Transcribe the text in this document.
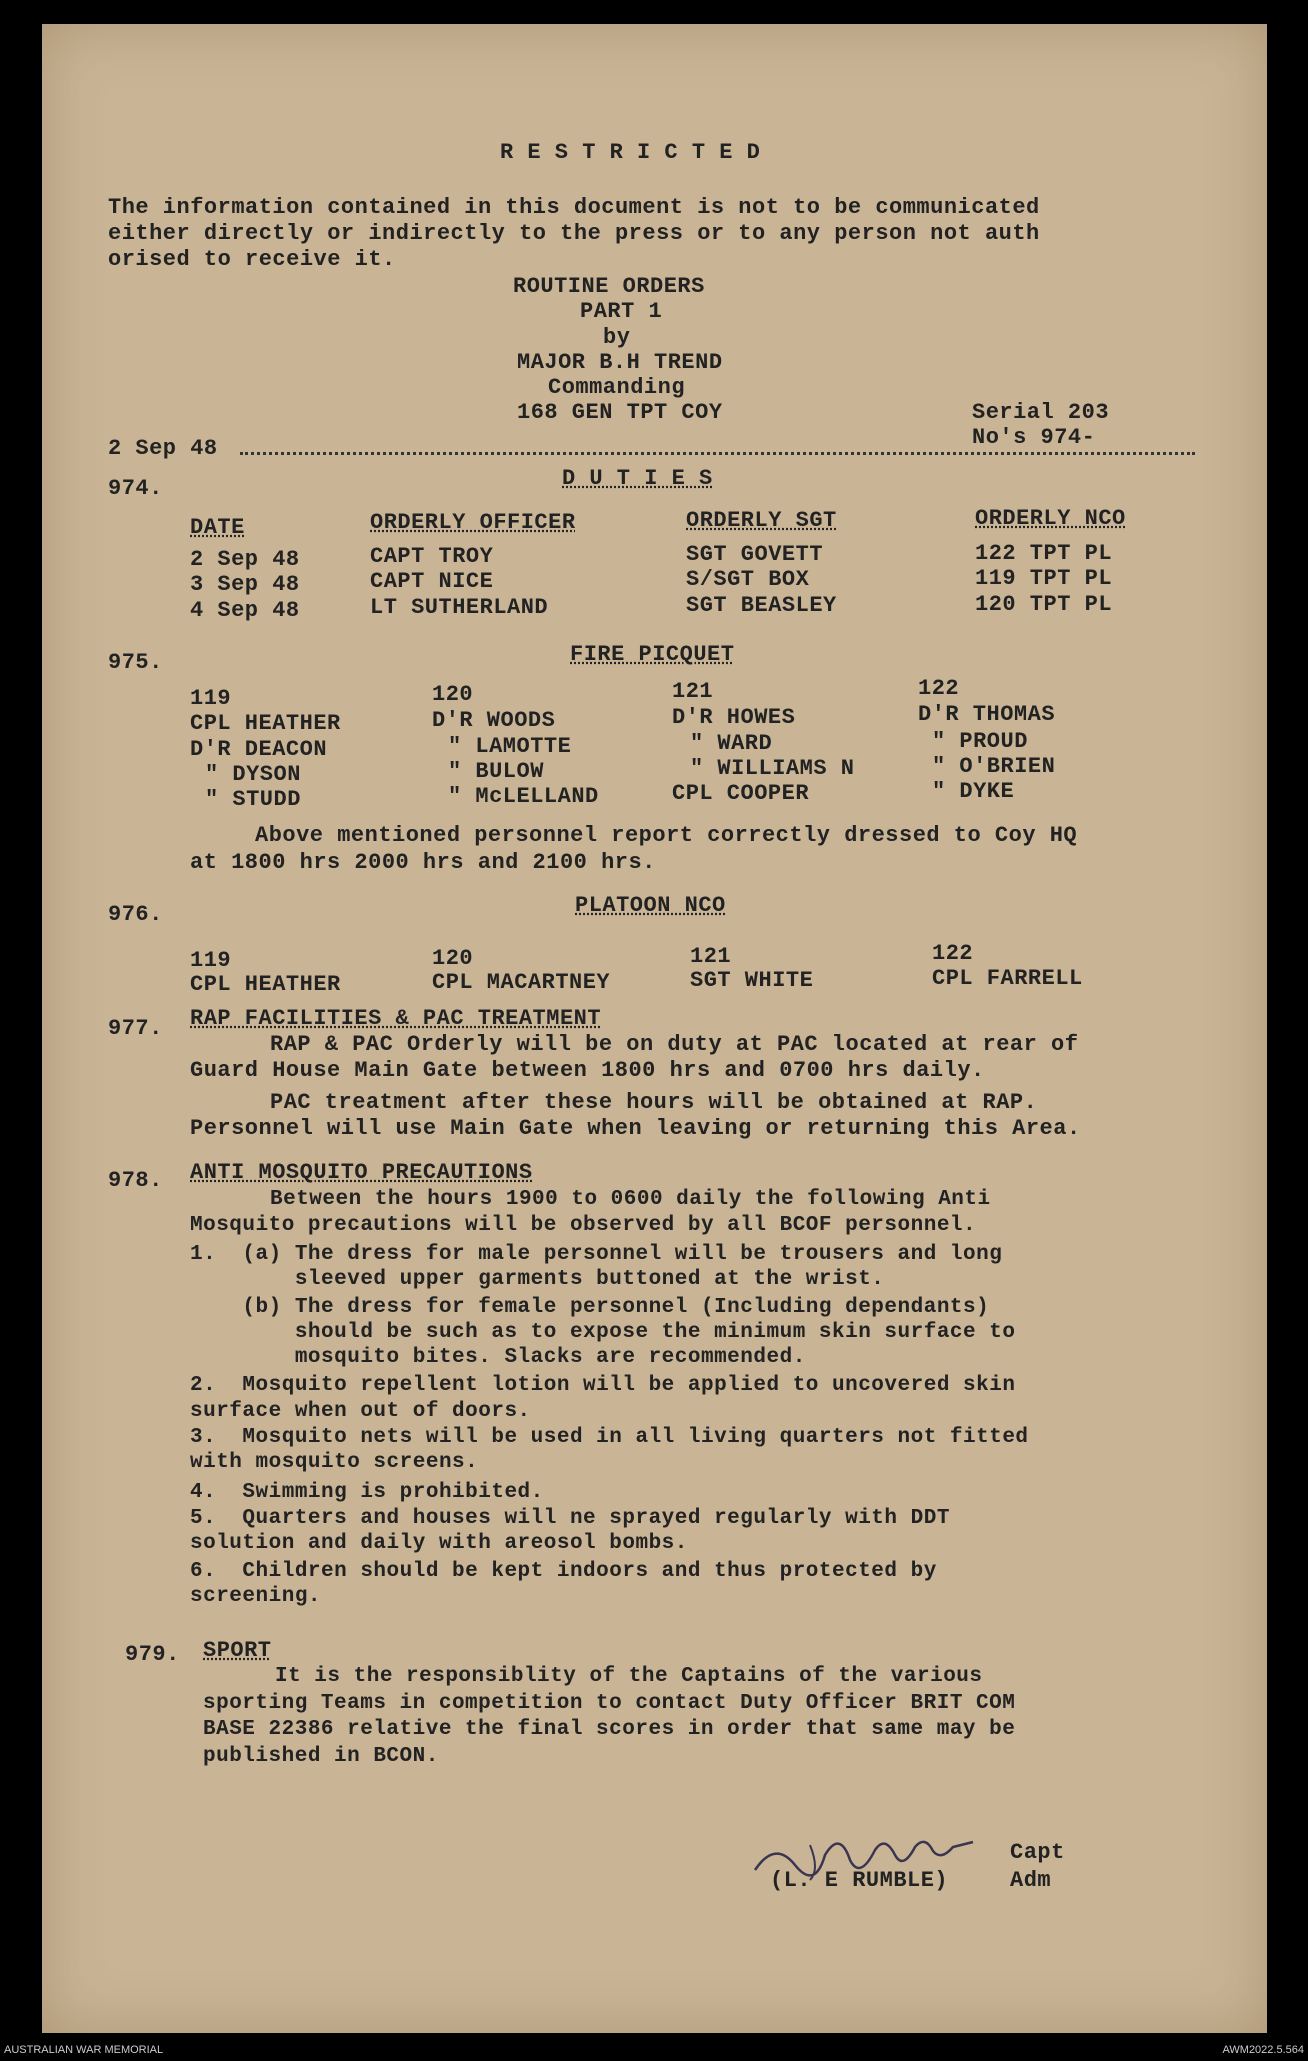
R E S T R I C T E D
The information contained in this document is not to be communicated
either directly or indirectly to the press or to any person not auth
orised to receive it.
ROUTINE ORDERS
PART 1
by
MAJOR B.H TREND
Commanding
168 GEN TPT COY	Serial 203
No's 974-
2 Sep 48
974.	D U T I E S
DATE	ORDERLY OFFICER	ORDERLY SGT	ORDERLY NCO
2 Sep 48	CAPT TROY	SGT GOVETT	122 TPT PL
3 Sep 48	CAPT NICE	S/SGT BOX	119 TPT PL
4 Sep 48	LT SUTHERLAND	SGT BEASLEY	120 TPT PL
975.	FIRE PICQUET
119	120	121	122
CPL HEATHER	D'R WOODS	D'R HOWES	D'R THOMAS
D'R DEACON	" LAMOTTE	" WARD	" PROUD
" DYSON	" BULOW	" WILLIAMS N	" O'BRIEN
" STUDD	" McLELLAND	CPL COOPER	" DYKE
Above mentioned personnel report correctly dressed to Coy HQ
at 1800 hrs 2000 hrs and 2100 hrs.
976.	PLATOON NCO
119	120	121	122
CPL HEATHER	CPL MACARTNEY	SGT WHITE	CPL FARRELL
977. RAP FACILITIES & PAC TREATMENT
RAP & PAC Orderly will be on duty at PAC located at rear of
Guard House Main Gate between 1800 hrs and 0700 hrs daily.
PAC treatment after these hours will be obtained at RAP.
Personnel will use Main Gate when leaving or returning this Area.
978. ANTI MOSQUITO PRECAUTIONS
Between the hours 1900 to 0600 daily the following Anti
Mosquito precautions will be observed by all BCOF personnel.
1.  (a) The dress for male personnel will be trousers and long
sleeved upper garments buttoned at the wrist.
(b) The dress for female personnel (Including dependants)
should be such as to expose the minimum skin surface to
mosquito bites. Slacks are recommended.
2.  Mosquito repellent lotion will be applied to uncovered skin
surface when out of doors.
3.  Mosquito nets will be used in all living quarters not fitted
with mosquito screens.
4.  Swimming is prohibited.
5.  Quarters and houses will ne sprayed regularly with DDT
solution and daily with areosol bombs.
6.  Children should be kept indoors and thus protected by
screening.
979. SPORT
It is the responsiblity of the Captains of the various
sporting Teams in competition to contact Duty Officer BRIT COM
BASE 22386 relative the final scores in order that same may be
published in BCON.
Capt
(L. E RUMBLE)	Adm
AUSTRALIAN WAR MEMORIAL	AWM2022.5.564
